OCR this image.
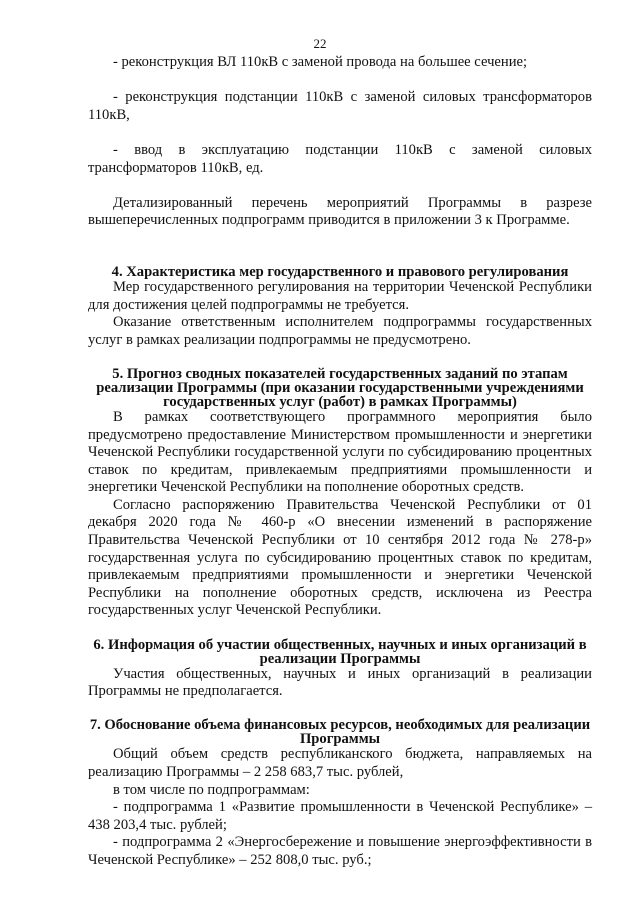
22

- реконструкция ВЛ 110кВ с заменой провода на большее сечение;

- реконструкция подстанции 110кВ с заменой силовых трансформаторов 110кВ,

- ввод в эксплуатацию подстанции 110кВ с заменой силовых трансформаторов 110кВ, ед.

Детализированный перечень мероприятий Программы в разрезе вышеперечисленных подпрограмм приводится в приложении 3 к Программе.

4. Характеристика мер государственного и правового регулирования

Мер государственного регулирования на территории Чеченской Республики для достижения целей подпрограммы не требуется.

Оказание ответственным исполнителем подпрограммы государственных услуг в рамках реализации подпрограммы не предусмотрено.

5. Прогноз сводных показателей государственных заданий по этапам реализации Программы (при оказании государственными учреждениями государственных услуг (работ) в рамках Программы)

В рамках соответствующего программного мероприятия было предусмотрено предоставление Министерством промышленности и энергетики Чеченской Республики государственной услуги по субсидированию процентных ставок по кредитам, привлекаемым предприятиями промышленности и энергетики Чеченской Республики на пополнение оборотных средств.

Согласно распоряжению Правительства Чеченской Республики от 01 декабря 2020 года № 460-р «О внесении изменений в распоряжение Правительства Чеченской Республики от 10 сентября 2012 года № 278-р» государственная услуга по субсидированию процентных ставок по кредитам, привлекаемым предприятиями промышленности и энергетики Чеченской Республики на пополнение оборотных средств, исключена из Реестра государственных услуг Чеченской Республики.

6. Информация об участии общественных, научных и иных организаций в реализации Программы

Участия общественных, научных и иных организаций в реализации Программы не предполагается.

7. Обоснование объема финансовых ресурсов, необходимых для реализации Программы

Общий объем средств республиканского бюджета, направляемых на реализацию Программы – 2 258 683,7 тыс. рублей,

в том числе по подпрограммам:

- подпрограмма 1 «Развитие промышленности в Чеченской Республике» – 438 203,4 тыс. рублей;

- подпрограмма 2 «Энергосбережение и повышение энергоэффективности в Чеченской Республике» – 252 808,0 тыс. руб.;
